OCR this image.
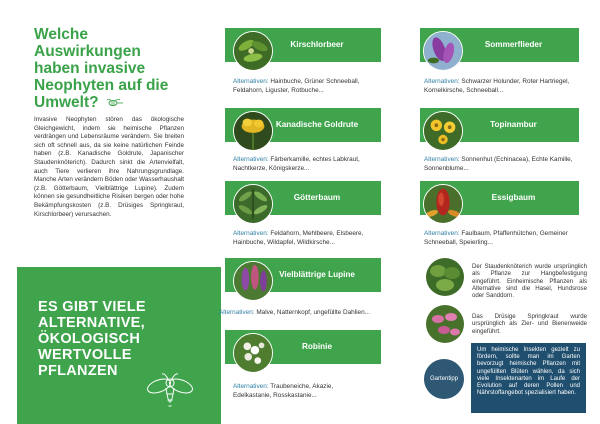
Welche Auswirkungen haben invasive Neophyten auf die Umwelt?

Invasive Neophyten stören das ökologische Gleichgewicht, indem sie heimische Pflanzen verdrängen und Lebensräume verändern. Sie breiten sich oft schnell aus, da sie keine natürlichen Feinde haben (z.B. Kanadische Goldrute, Japanischer Staudenknöterich). Dadurch sinkt die Artenvielfalt, auch Tiere verlieren ihre Nahrungsgrundlage. Manche Arten verändern Böden oder Wasserhaushalt (z.B. Götterbaum, Vielblättrige Lupine). Zudem können sie gesundheitliche Risiken bergen oder hohe Bekämpfungskosten (z.B. Drüsiges Springkraut, Kirschlorbeer) verursachen.

ES GIBT VIELE
ALTERNATIVE,
ÖKOLOGISCH
WERTVOLLE
PFLANZEN
Kirschlorbeer
Alternativen: Hainbuche, Grüner Schneeball, Feldahorn, Liguster, Rotbuche...
Kanadische Goldrute
Alternativen: Färberkamille, echtes Labkraut, Nachtkerze, Königskerze...
Götterbaum
Alternativen: Feldahorn, Mehlbeere, Elsbeere, Hainbuche, Wildapfel, Wildkirsche...
Vielblättrige Lupine
Alternativen: Malve, Natternkopf, ungefüllte Dahlien...
Robinie
Alternativen: Traubeneiche, Akazie, Edelkastanie, Rosskastanie...
Sommerflieder
Alternativen: Schwarzer Holunder, Roter Hartriegel, Kornelkirsche, Schneeball...
Topinambur
Alternativen: Sonnenhut (Echinacea), Echte Kamille, Sonnenblume...
Essigbaum
Alternativen: Faulbaum, Pfaffenhütchen, Gemeiner Schneeball, Speierling...

Der Staudenknöterich wurde ursprünglich als Pflanze zur Hangbefestigung eingeführt. Einheimische Pflanzen als Alternative sind die Hasel, Hundsrose oder Sanddorn.

Das Drüsige Springkraut wurde ursprünglich als Zier- und Bienenweide eingeführt.

Gartentipp

Um heimische Insekten gezielt zu fördern, sollte man im Garten bevorzugt heimische Pflanzen mit ungefüllten Blüten wählen, da sich viele Insektenarten im Laufe der Evolution auf deren Pollen und Nährstoffangebot spezialisiert haben.
